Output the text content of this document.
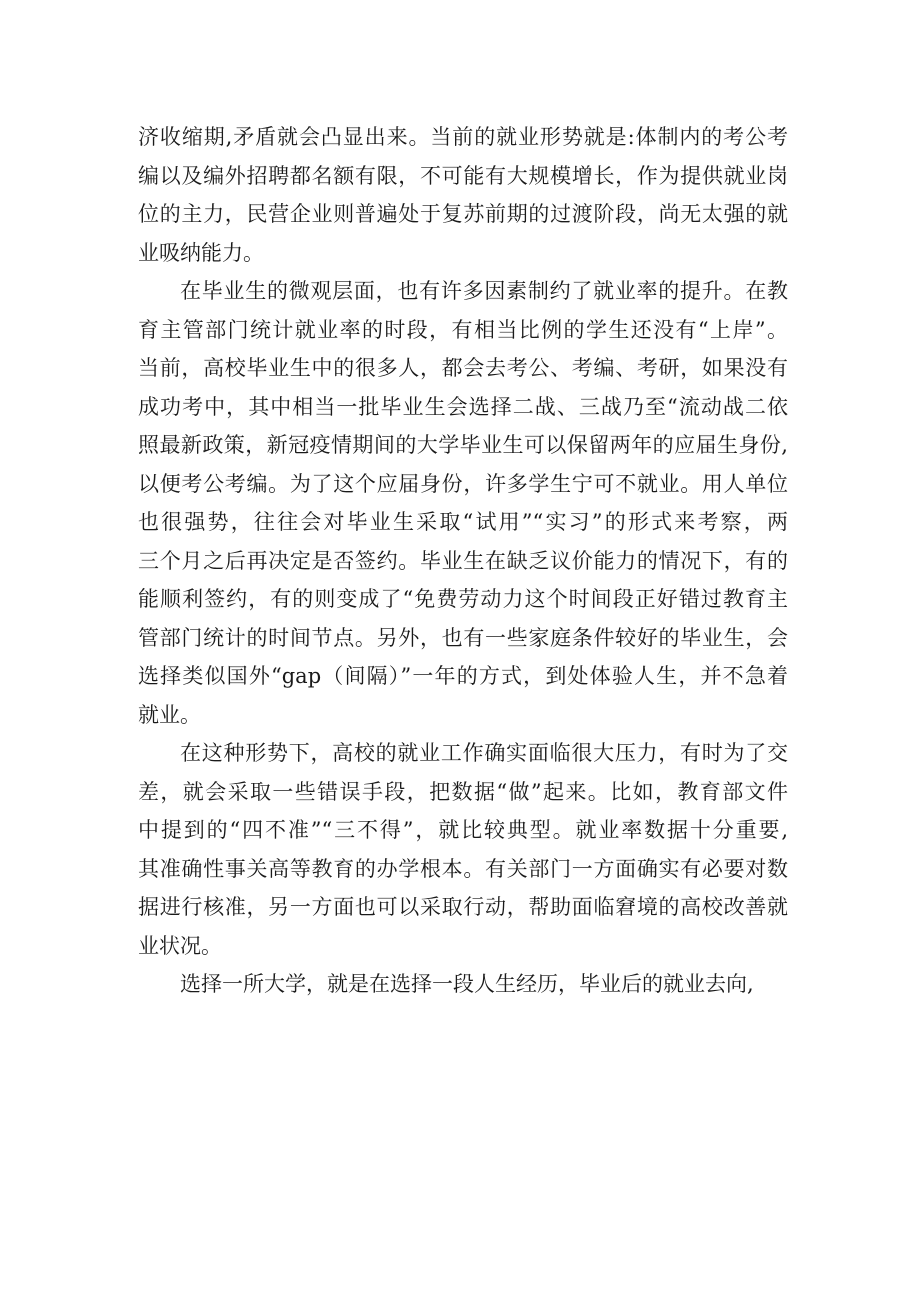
济收缩期,矛盾就会凸显出来。当前的就业形势就是:体制内的考公考
编以及编外招聘都名额有限，不可能有大规模增长，作为提供就业岗
位的主力，民营企业则普遍处于复苏前期的过渡阶段，尚无太强的就
业吸纳能力。
在毕业生的微观层面，也有许多因素制约了就业率的提升。在教
育主管部门统计就业率的时段，有相当比例的学生还没有“上岸”。
当前，高校毕业生中的很多人，都会去考公、考编、考研，如果没有
成功考中，其中相当一批毕业生会选择二战、三战乃至“流动战二依
照最新政策，新冠疫情期间的大学毕业生可以保留两年的应届生身份,
以便考公考编。为了这个应届身份，许多学生宁可不就业。用人单位
也很强势，往往会对毕业生采取“试用”“实习”的形式来考察，两
三个月之后再决定是否签约。毕业生在缺乏议价能力的情况下，有的
能顺利签约，有的则变成了“免费劳动力这个时间段正好错过教育主
管部门统计的时间节点。另外，也有一些家庭条件较好的毕业生，会
选择类似国外“gap（间隔）”一年的方式，到处体验人生，并不急着
就业。
在这种形势下，高校的就业工作确实面临很大压力，有时为了交
差，就会采取一些错误手段，把数据“做”起来。比如，教育部文件
中提到的“四不准”“三不得”，就比较典型。就业率数据十分重要,
其准确性事关高等教育的办学根本。有关部门一方面确实有必要对数
据进行核准，另一方面也可以采取行动，帮助面临窘境的高校改善就
业状况。
选择一所大学，就是在选择一段人生经历，毕业后的就业去向,
